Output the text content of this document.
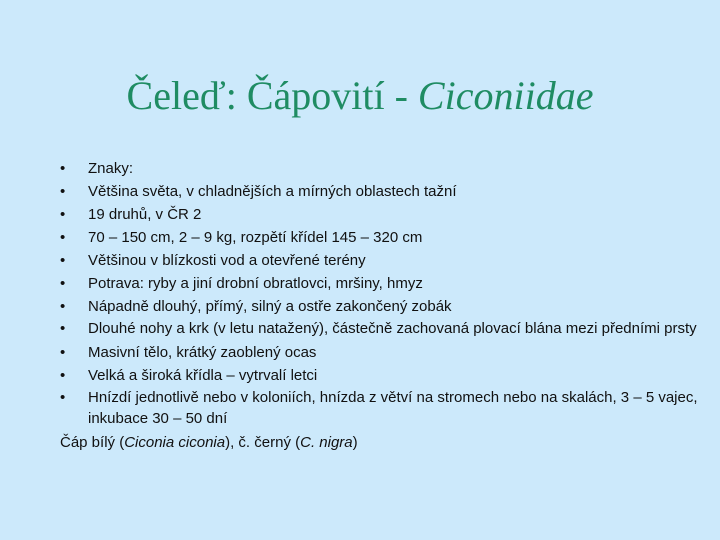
Čeleď: Čápovití - Ciconiidae
• Znaky:
• Většina světa, v chladnějších a mírných oblastech tažní
• 19 druhů, v ČR 2
• 70 – 150 cm, 2 – 9 kg, rozpětí křídel 145 – 320 cm
• Většinou v blízkosti vod a otevřené terény
• Potrava: ryby a jiní drobní obratlovci, mršiny, hmyz
• Nápadně dlouhý, přímý, silný a ostře zakončený zobák
• Dlouhé nohy a krk (v letu natažený), částečně zachovaná plovací blána mezi předními prsty
• Masivní tělo, krátký zaoblený ocas
• Velká a široká křídla – vytrvalí letci
• Hnízdí jednotlivě nebo v koloniích, hnízda z větví na stromech nebo na skalách, 3 – 5 vajec, inkubace 30 – 50 dní

Čáp bílý (Ciconia ciconia), č. černý (C. nigra)
